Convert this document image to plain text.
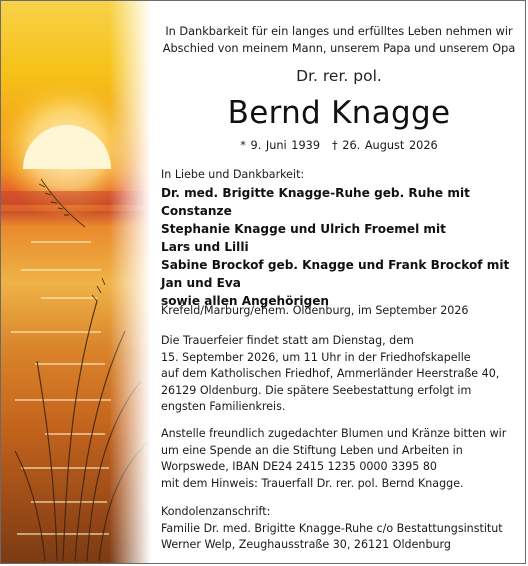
In Dankbarkeit für ein langes und erfülltes Leben nehmen wir

Abschied von meinem Mann, unserem Papa und unserem Opa

Dr. rer. pol.
Bernd Knagge
* 9. Juni 1939 † 26. August 2026

In Liebe und Dankbarkeit:

Dr. med. Brigitte Knagge-Ruhe geb. Ruhe mit Constanze

Stephanie Knagge und Ulrich Froemel mit

Lars und Lilli

Sabine Brockof geb. Knagge und Frank Brockof mit

Jan und Eva

sowie allen Angehörigen

Krefeld/Marburg/ehem. Oldenburg, im September 2026

Die Trauerfeier findet statt am Dienstag, dem

15. September 2026, um 11 Uhr in der Friedhofskapelle

auf dem Katholischen Friedhof, Ammerländer Heerstraße 40,

26129 Oldenburg. Die spätere Seebestattung erfolgt im

engsten Familienkreis.

Anstelle freundlich zugedachter Blumen und Kränze bitten wir

um eine Spende an die Stiftung Leben und Arbeiten in

Worpswede, IBAN DE24 2415 1235 0000 3395 80

mit dem Hinweis: Trauerfall Dr. rer. pol. Bernd Knagge.

Kondolenzanschrift:

Familie Dr. med. Brigitte Knagge-Ruhe c/o Bestattungsinstitut

Werner Welp, Zeughausstraße 30, 26121 Oldenburg
